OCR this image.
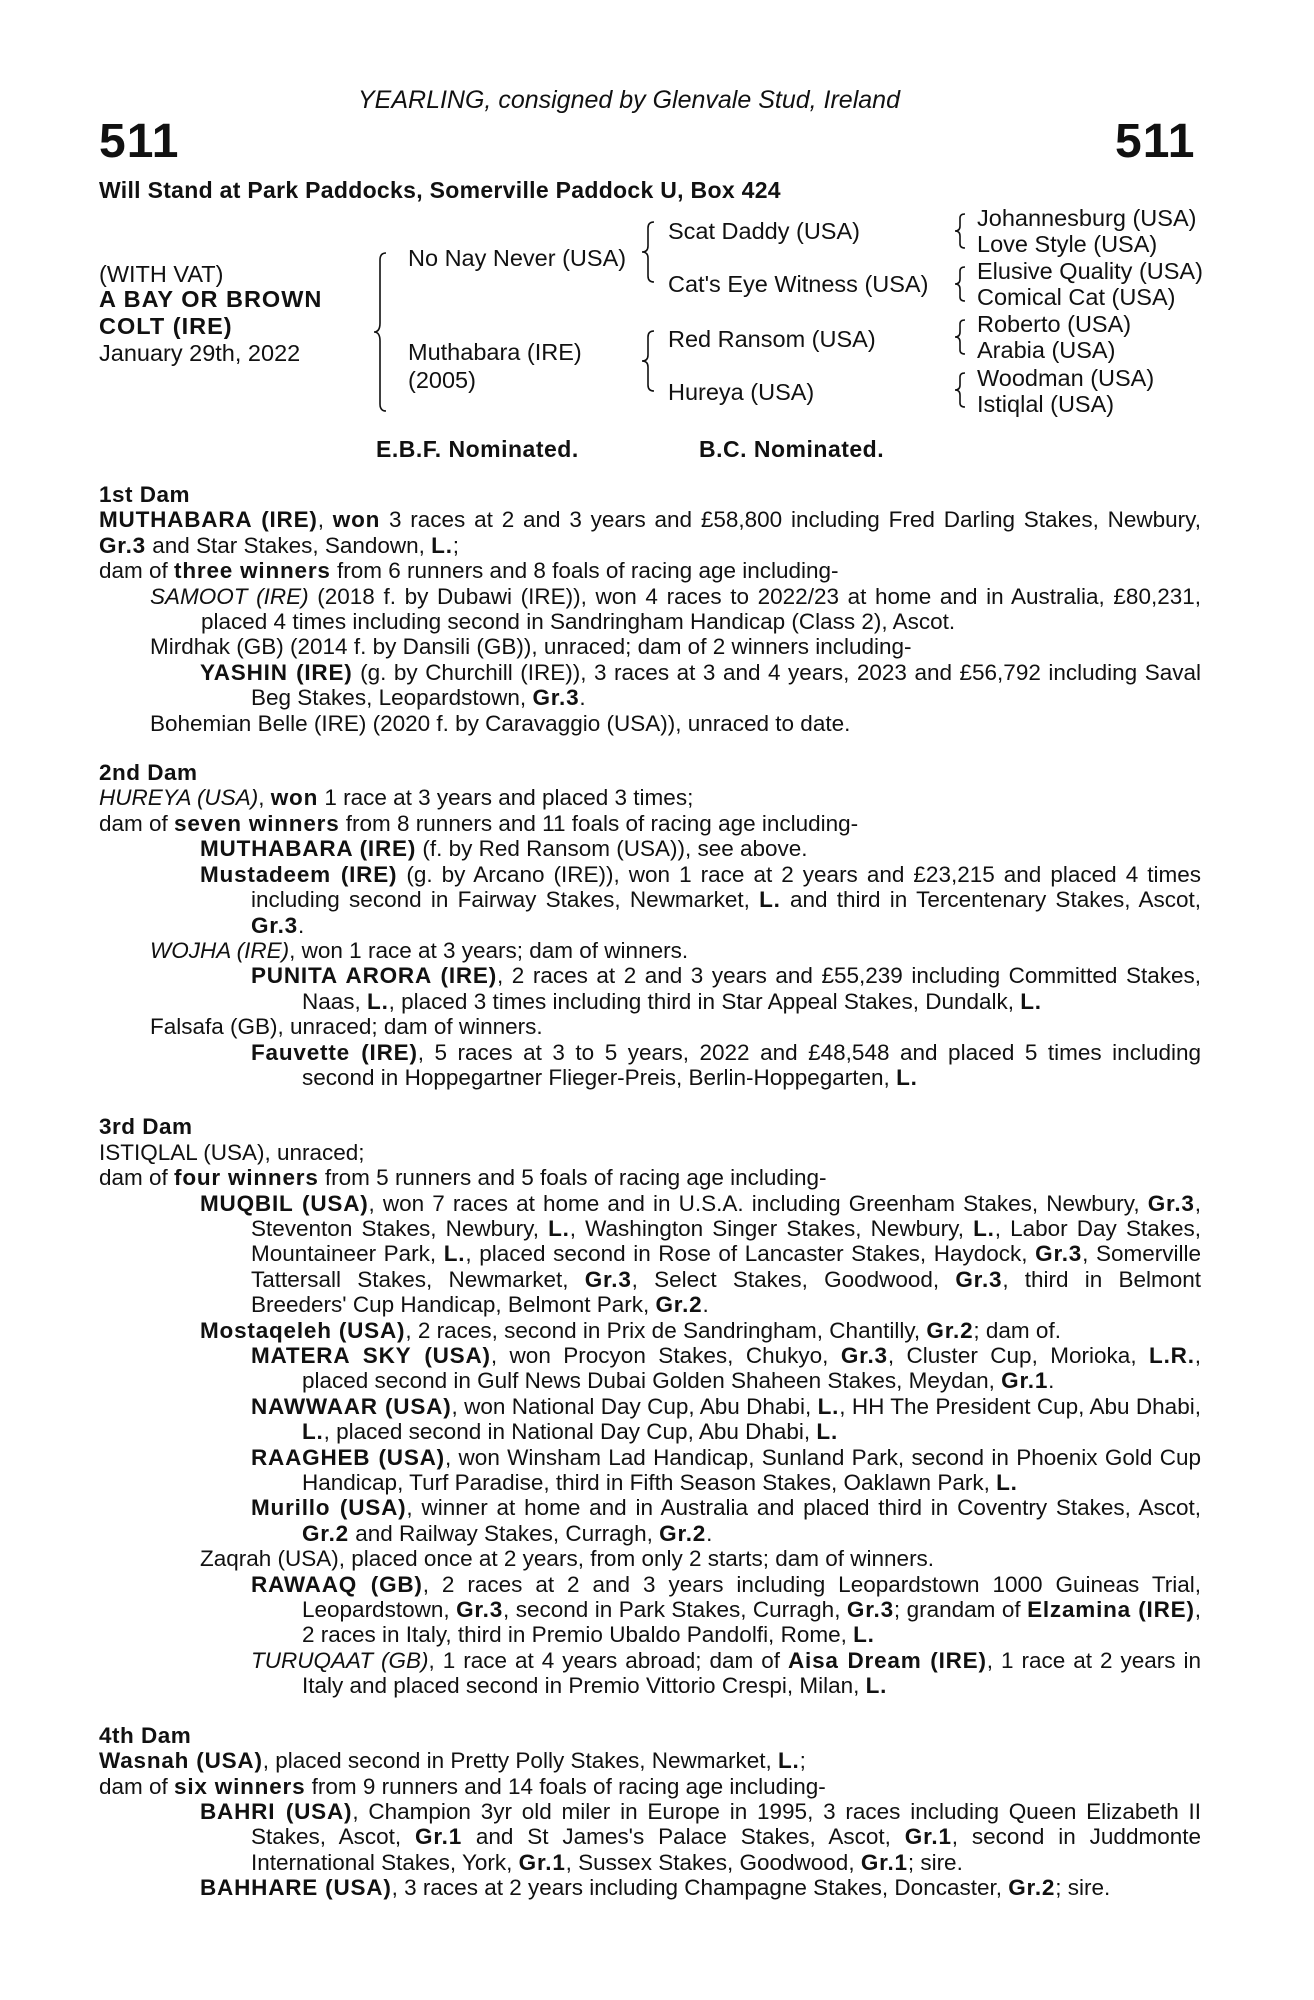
YEARLING, consigned by Glenvale Stud, Ireland
511	511
Will Stand at Park Paddocks, Somerville Paddock U, Box 424
(WITH VAT)
A BAY OR BROWN
COLT (IRE)
January 29th, 2022
No Nay Never (USA)
Muthabara (IRE)
(2005)
Scat Daddy (USA)
Cat's Eye Witness (USA)
Red Ransom (USA)
Hureya (USA)
Johannesburg (USA)
Love Style (USA)
Elusive Quality (USA)
Comical Cat (USA)
Roberto (USA)
Arabia (USA)
Woodman (USA)
Istiqlal (USA)
E.B.F. Nominated.	B.C. Nominated.
1st Dam
MUTHABARA (IRE), won 3 races at 2 and 3 years and £58,800 including Fred Darling Stakes, Newbury, Gr.3 and Star Stakes, Sandown, L.;
dam of three winners from 6 runners and 8 foals of racing age including-
SAMOOT (IRE) (2018 f. by Dubawi (IRE)), won 4 races to 2022/23 at home and in Australia, £80,231, placed 4 times including second in Sandringham Handicap (Class 2), Ascot.
Mirdhak (GB) (2014 f. by Dansili (GB)), unraced; dam of 2 winners including-
YASHIN (IRE) (g. by Churchill (IRE)), 3 races at 3 and 4 years, 2023 and £56,792 including Saval Beg Stakes, Leopardstown, Gr.3.
Bohemian Belle (IRE) (2020 f. by Caravaggio (USA)), unraced to date.
2nd Dam
HUREYA (USA), won 1 race at 3 years and placed 3 times;
dam of seven winners from 8 runners and 11 foals of racing age including-
MUTHABARA (IRE) (f. by Red Ransom (USA)), see above.
Mustadeem (IRE) (g. by Arcano (IRE)), won 1 race at 2 years and £23,215 and placed 4 times including second in Fairway Stakes, Newmarket, L. and third in Tercentenary Stakes, Ascot, Gr.3.
WOJHA (IRE), won 1 race at 3 years; dam of winners.
PUNITA ARORA (IRE), 2 races at 2 and 3 years and £55,239 including Committed Stakes, Naas, L., placed 3 times including third in Star Appeal Stakes, Dundalk, L.
Falsafa (GB), unraced; dam of winners.
Fauvette (IRE), 5 races at 3 to 5 years, 2022 and £48,548 and placed 5 times including second in Hoppegartner Flieger-Preis, Berlin-Hoppegarten, L.
3rd Dam
ISTIQLAL (USA), unraced;
dam of four winners from 5 runners and 5 foals of racing age including-
MUQBIL (USA), won 7 races at home and in U.S.A. including Greenham Stakes, Newbury, Gr.3, Steventon Stakes, Newbury, L., Washington Singer Stakes, Newbury, L., Labor Day Stakes, Mountaineer Park, L., placed second in Rose of Lancaster Stakes, Haydock, Gr.3, Somerville Tattersall Stakes, Newmarket, Gr.3, Select Stakes, Goodwood, Gr.3, third in Belmont Breeders' Cup Handicap, Belmont Park, Gr.2.
Mostaqeleh (USA), 2 races, second in Prix de Sandringham, Chantilly, Gr.2; dam of.
MATERA SKY (USA), won Procyon Stakes, Chukyo, Gr.3, Cluster Cup, Morioka, L.R., placed second in Gulf News Dubai Golden Shaheen Stakes, Meydan, Gr.1.
NAWWAAR (USA), won National Day Cup, Abu Dhabi, L., HH The President Cup, Abu Dhabi, L., placed second in National Day Cup, Abu Dhabi, L.
RAAGHEB (USA), won Winsham Lad Handicap, Sunland Park, second in Phoenix Gold Cup Handicap, Turf Paradise, third in Fifth Season Stakes, Oaklawn Park, L.
Murillo (USA), winner at home and in Australia and placed third in Coventry Stakes, Ascot, Gr.2 and Railway Stakes, Curragh, Gr.2.
Zaqrah (USA), placed once at 2 years, from only 2 starts; dam of winners.
RAWAAQ (GB), 2 races at 2 and 3 years including Leopardstown 1000 Guineas Trial, Leopardstown, Gr.3, second in Park Stakes, Curragh, Gr.3; grandam of Elzamina (IRE), 2 races in Italy, third in Premio Ubaldo Pandolfi, Rome, L.
TURUQAAT (GB), 1 race at 4 years abroad; dam of Aisa Dream (IRE), 1 race at 2 years in Italy and placed second in Premio Vittorio Crespi, Milan, L.
4th Dam
Wasnah (USA), placed second in Pretty Polly Stakes, Newmarket, L.;
dam of six winners from 9 runners and 14 foals of racing age including-
BAHRI (USA), Champion 3yr old miler in Europe in 1995, 3 races including Queen Elizabeth II Stakes, Ascot, Gr.1 and St James's Palace Stakes, Ascot, Gr.1, second in Juddmonte International Stakes, York, Gr.1, Sussex Stakes, Goodwood, Gr.1; sire.
BAHHARE (USA), 3 races at 2 years including Champagne Stakes, Doncaster, Gr.2; sire.
